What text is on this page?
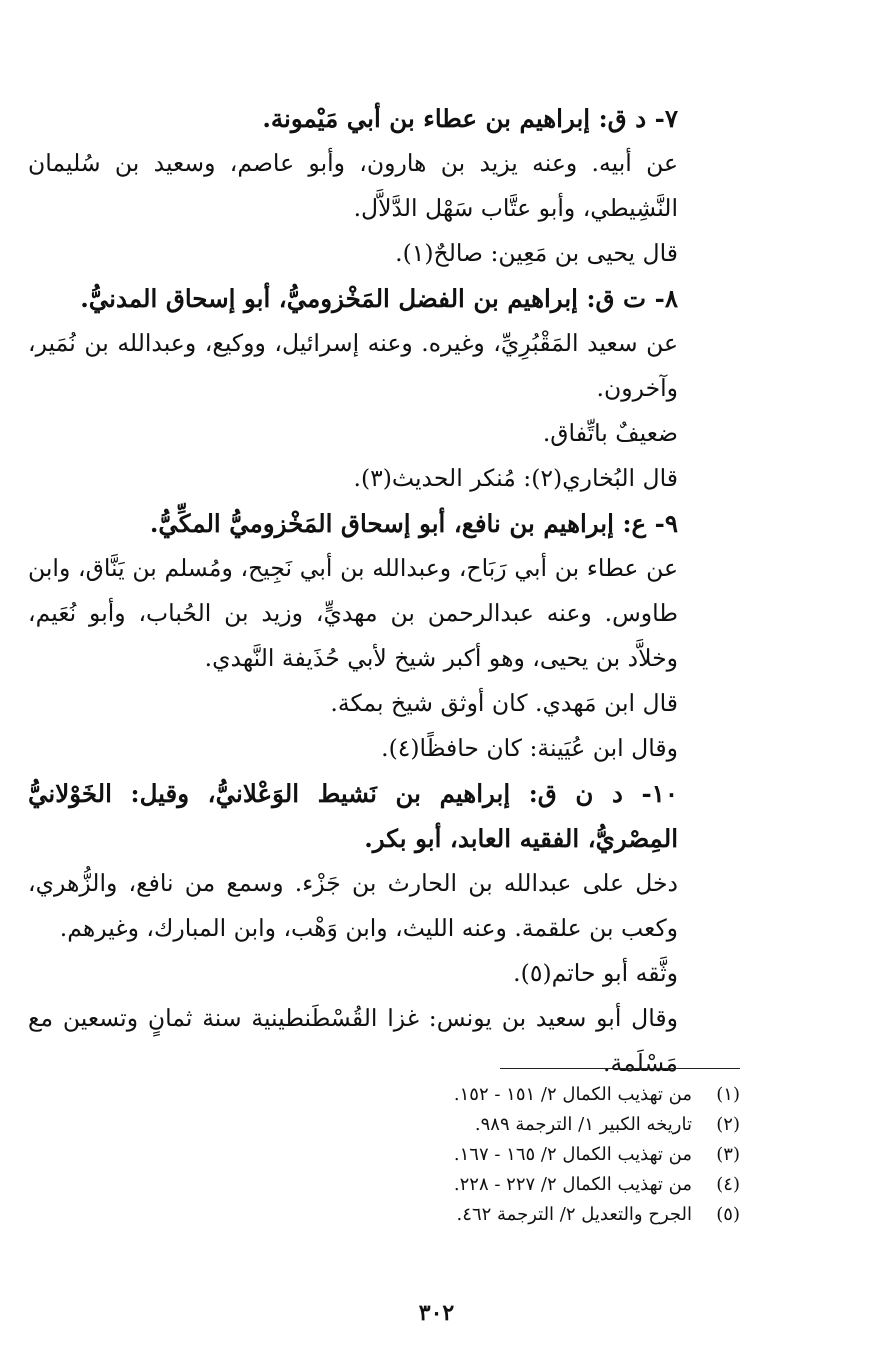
٧- د ق: إبراهيم بن عطاء بن أبي مَيْمونة.

عن أبيه. وعنه يزيد بن هارون، وأبو عاصم، وسعيد بن سُليمان النَّشِيطي، وأبو عتَّاب سَهْل الدَّلاَّل.

قال يحيى بن مَعِين: صالحٌ(١).

٨- ت ق: إبراهيم بن الفضل المَخْزوميُّ، أبو إسحاق المدنيُّ.

عن سعيد المَقْبُرِيِّ، وغيره. وعنه إسرائيل، ووكيع، وعبدالله بن نُمَير، وآخرون.

ضعيفٌ باتِّفاق.

قال البُخاري(٢): مُنكر الحديث(٣).

٩- ع: إبراهيم بن نافع، أبو إسحاق المَخْزوميُّ المكِّيُّ.

عن عطاء بن أبي رَبَاح، وعبدالله بن أبي نَجِيح، ومُسلم بن يَنَّاق، وابن طاوس. وعنه عبدالرحمن بن مهديٍّ، وزيد بن الحُباب، وأبو نُعَيم، وخلاَّد بن يحيى، وهو أكبر شيخ لأبي حُذَيفة النَّهدي.

قال ابن مَهدي. كان أوثق شيخ بمكة.

وقال ابن عُيَينة: كان حافظًا(٤).

١٠- د ن ق: إبراهيم بن نَشيط الوَعْلانيُّ، وقيل: الخَوْلانيُّ المِصْريُّ، الفقيه العابد، أبو بكر.

دخل على عبدالله بن الحارث بن جَزْء. وسمع من نافع، والزُّهري، وكعب بن علقمة. وعنه الليث، وابن وَهْب، وابن المبارك، وغيرهم.

وثَّقه أبو حاتم(٥).

وقال أبو سعيد بن يونس: غزا القُسْطَنطينية سنة ثمانٍ وتسعين مع مَسْلَمة.

(١)من تهذيب الكمال ٢/ ١٥١ - ١٥٢.
(٢)تاريخه الكبير ١/ الترجمة ٩٨٩.
(٣)من تهذيب الكمال ٢/ ١٦٥ - ١٦٧.
(٤)من تهذيب الكمال ٢/ ٢٢٧ - ٢٢٨.
(٥)الجرح والتعديل ٢/ الترجمة ٤٦٢.
٣٠٢
